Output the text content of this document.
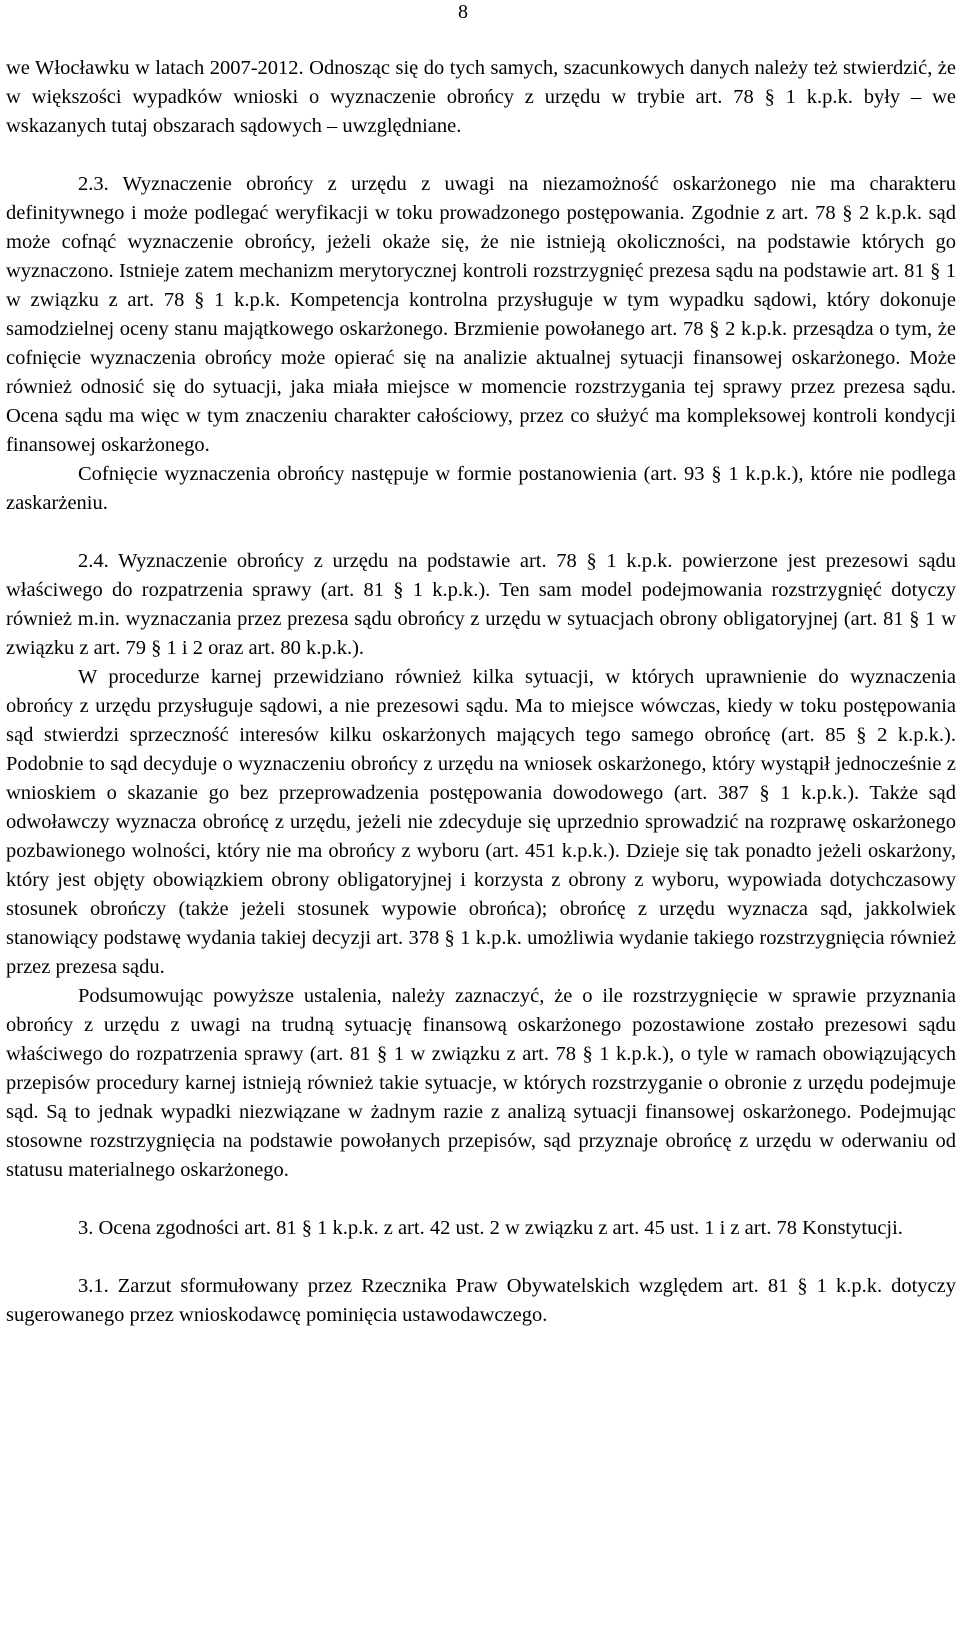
8

we Włocławku w latach 2007-2012. Odnosząc się do tych samych, szacunkowych danych należy też stwierdzić, że w większości wypadków wnioski o wyznaczenie obrońcy z urzędu w trybie art. 78 § 1 k.p.k. były – we wskazanych tutaj obszarach sądowych – uwzględniane.

2.3. Wyznaczenie obrońcy z urzędu z uwagi na niezamożność oskarżonego nie ma charakteru definitywnego i może podlegać weryfikacji w toku prowadzonego postępowania. Zgodnie z art. 78 § 2 k.p.k. sąd może cofnąć wyznaczenie obrońcy, jeżeli okaże się, że nie istnieją okoliczności, na podstawie których go wyznaczono. Istnieje zatem mechanizm merytorycznej kontroli rozstrzygnięć prezesa sądu na podstawie art. 81 § 1 w związku z art. 78 § 1 k.p.k. Kompetencja kontrolna przysługuje w tym wypadku sądowi, który dokonuje samodzielnej oceny stanu majątkowego oskarżonego. Brzmienie powołanego art. 78 § 2 k.p.k. przesądza o tym, że cofnięcie wyznaczenia obrońcy może opierać się na analizie aktualnej sytuacji finansowej oskarżonego. Może również odnosić się do sytuacji, jaka miała miejsce w momencie rozstrzygania tej sprawy przez prezesa sądu. Ocena sądu ma więc w tym znaczeniu charakter całościowy, przez co służyć ma kompleksowej kontroli kondycji finansowej oskarżonego.

Cofnięcie wyznaczenia obrońcy następuje w formie postanowienia (art. 93 § 1 k.p.k.), które nie podlega zaskarżeniu.

2.4. Wyznaczenie obrońcy z urzędu na podstawie art. 78 § 1 k.p.k. powierzone jest prezesowi sądu właściwego do rozpatrzenia sprawy (art. 81 § 1 k.p.k.). Ten sam model podejmowania rozstrzygnięć dotyczy również m.in. wyznaczania przez prezesa sądu obrońcy z urzędu w sytuacjach obrony obligatoryjnej (art. 81 § 1 w związku z art. 79 § 1 i 2 oraz art. 80 k.p.k.).

W procedurze karnej przewidziano również kilka sytuacji, w których uprawnienie do wyznaczenia obrońcy z urzędu przysługuje sądowi, a nie prezesowi sądu. Ma to miejsce wówczas, kiedy w toku postępowania sąd stwierdzi sprzeczność interesów kilku oskarżonych mających tego samego obrońcę (art. 85 § 2 k.p.k.). Podobnie to sąd decyduje o wyznaczeniu obrońcy z urzędu na wniosek oskarżonego, który wystąpił jednocześnie z wnioskiem o skazanie go bez przeprowadzenia postępowania dowodowego (art. 387 § 1 k.p.k.). Także sąd odwoławczy wyznacza obrońcę z urzędu, jeżeli nie zdecyduje się uprzednio sprowadzić na rozprawę oskarżonego pozbawionego wolności, który nie ma obrońcy z wyboru (art. 451 k.p.k.). Dzieje się tak ponadto jeżeli oskarżony, który jest objęty obowiązkiem obrony obligatoryjnej i korzysta z obrony z wyboru, wypowiada dotychczasowy stosunek obrończy (także jeżeli stosunek wypowie obrońca); obrońcę z urzędu wyznacza sąd, jakkolwiek stanowiący podstawę wydania takiej decyzji art. 378 § 1 k.p.k. umożliwia wydanie takiego rozstrzygnięcia również przez prezesa sądu.

Podsumowując powyższe ustalenia, należy zaznaczyć, że o ile rozstrzygnięcie w sprawie przyznania obrońcy z urzędu z uwagi na trudną sytuację finansową oskarżonego pozostawione zostało prezesowi sądu właściwego do rozpatrzenia sprawy (art. 81 § 1 w związku z art. 78 § 1 k.p.k.), o tyle w ramach obowiązujących przepisów procedury karnej istnieją również takie sytuacje, w których rozstrzyganie o obronie z urzędu podejmuje sąd. Są to jednak wypadki niezwiązane w żadnym razie z analizą sytuacji finansowej oskarżonego. Podejmując stosowne rozstrzygnięcia na podstawie powołanych przepisów, sąd przyznaje obrońcę z urzędu w oderwaniu od statusu materialnego oskarżonego.

3. Ocena zgodności art. 81 § 1 k.p.k. z art. 42 ust. 2 w związku z art. 45 ust. 1 i z art. 78 Konstytucji.

3.1. Zarzut sformułowany przez Rzecznika Praw Obywatelskich względem art. 81 § 1 k.p.k. dotyczy sugerowanego przez wnioskodawcę pominięcia ustawodawczego.
